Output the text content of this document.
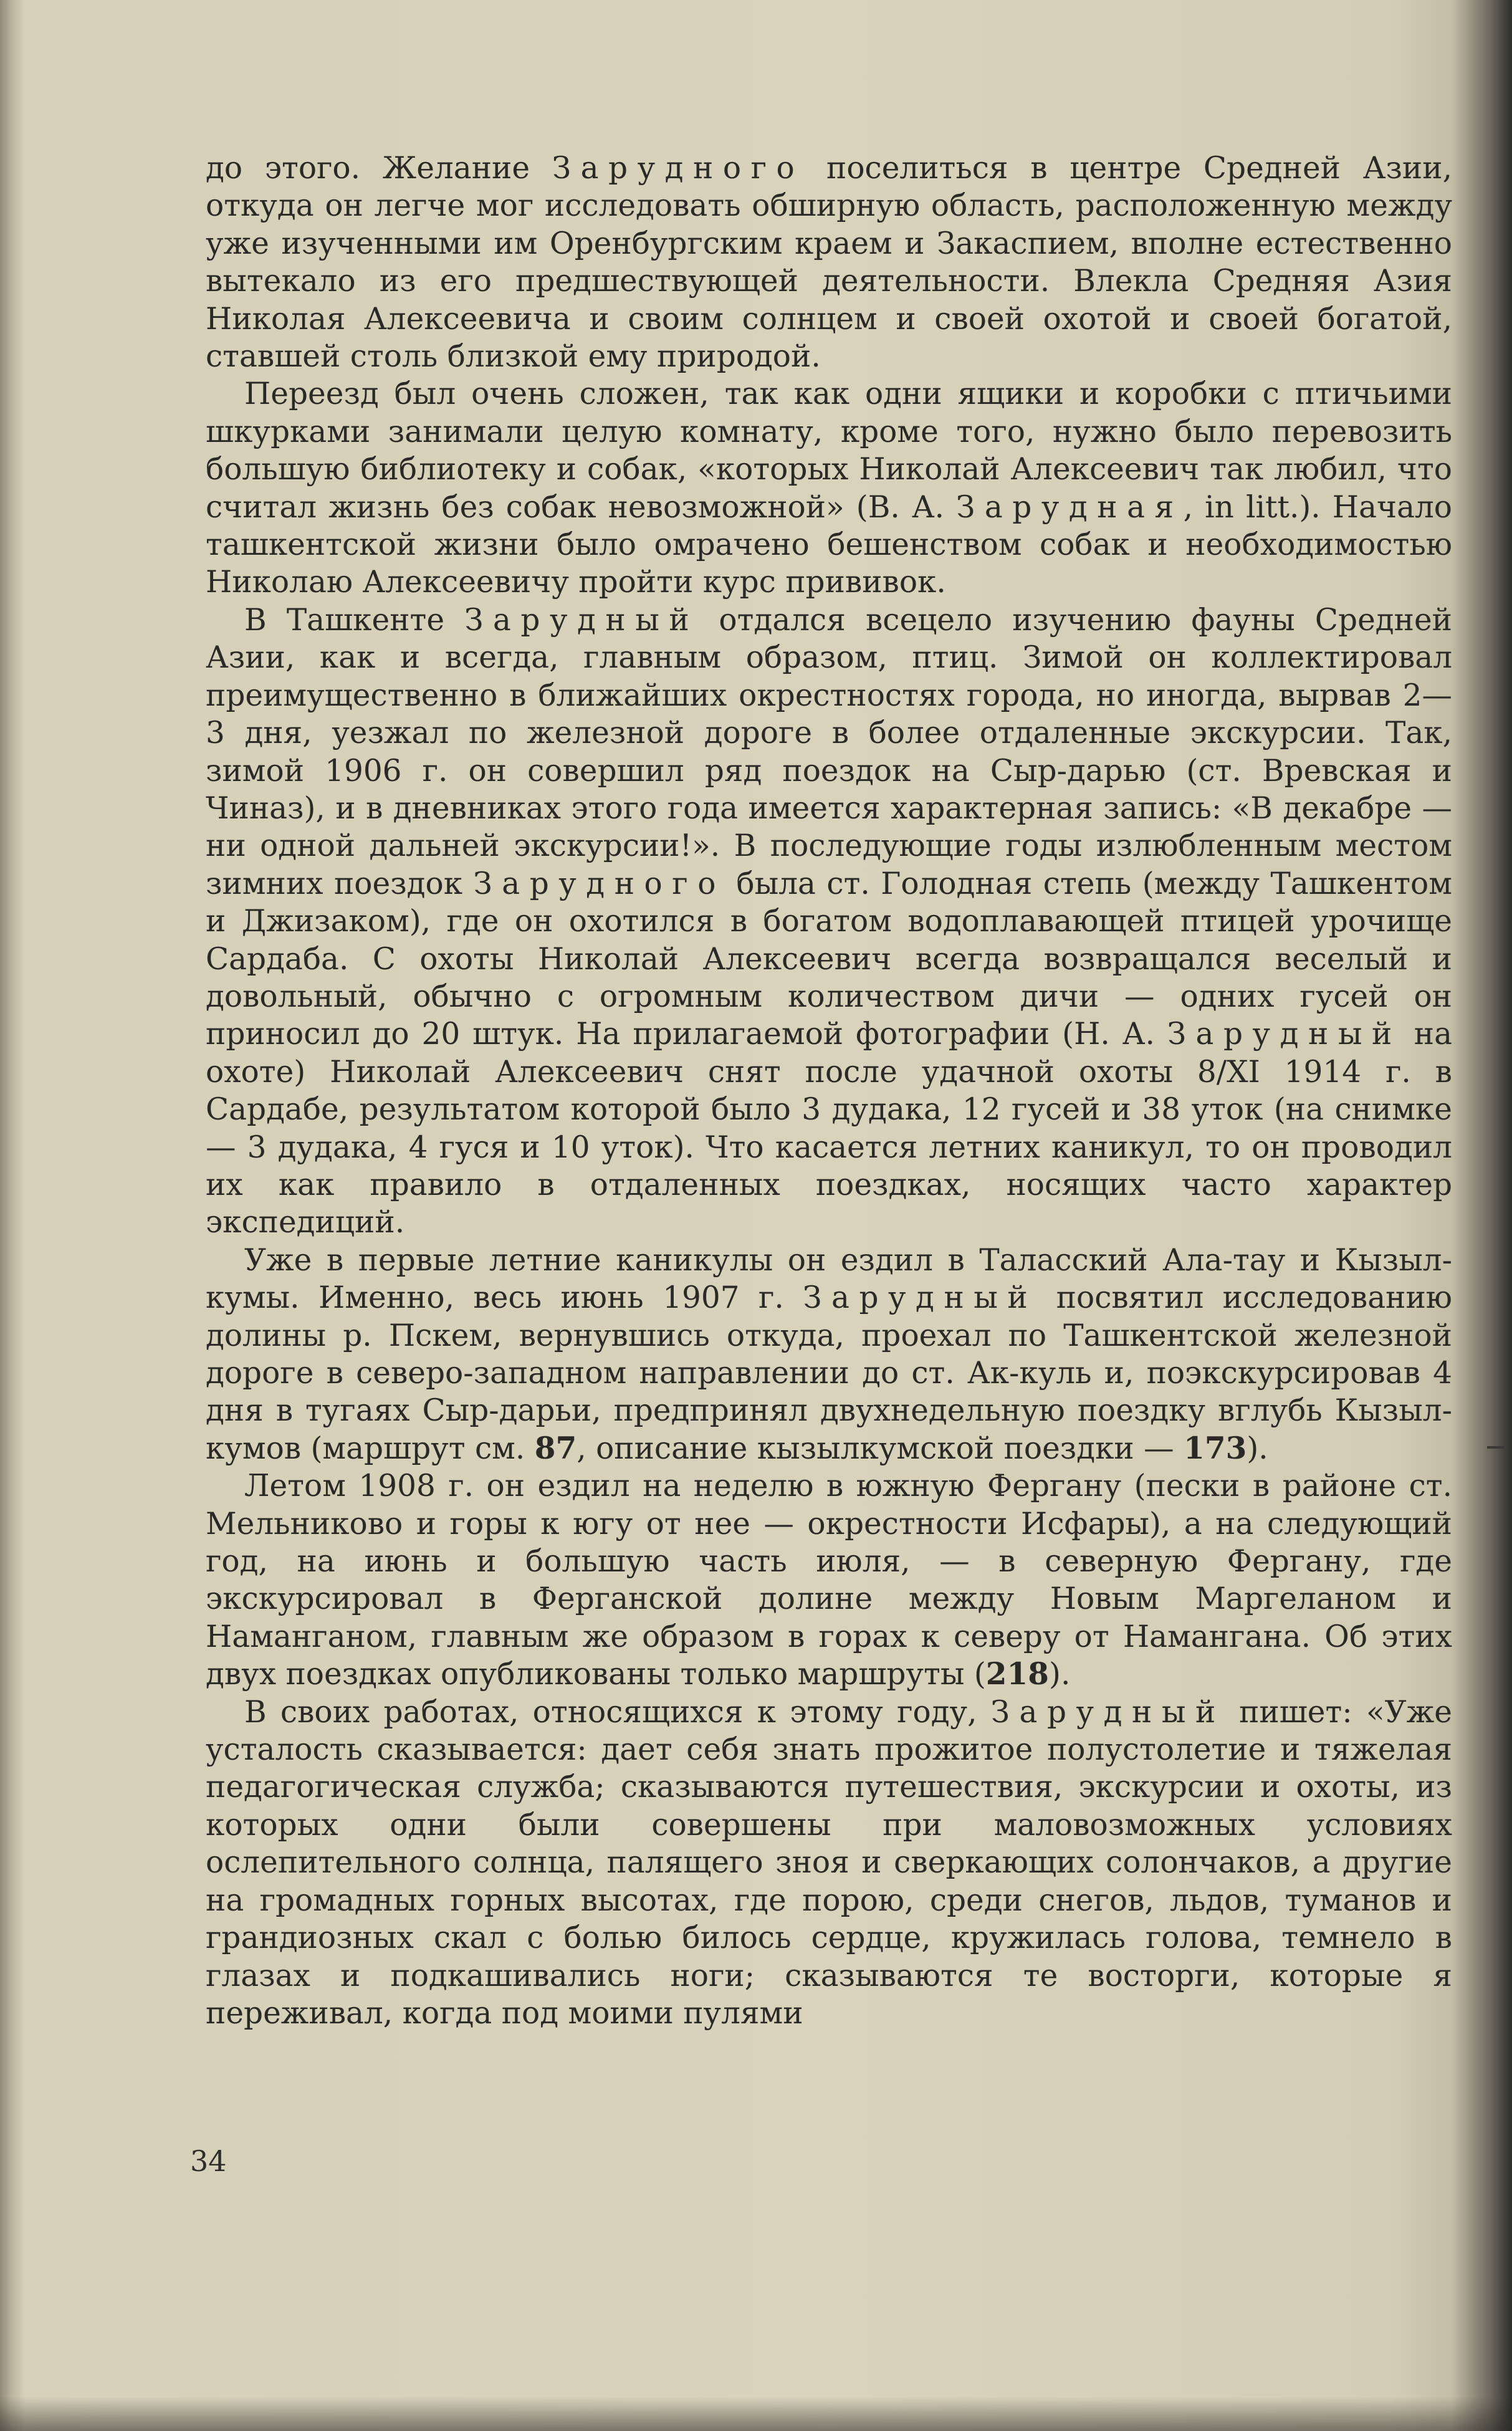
до этого. Желание Зарудного поселиться в центре Средней Азии, откуда он легче мог исследовать обширную область, расположенную между уже изученными им Оренбургским краем и Закаспием, вполне естественно вытекало из его предшествующей деятельности. Влекла Средняя Азия Николая Алексеевича и своим солнцем и своей охотой и своей богатой, ставшей столь близкой ему природой.

Переезд был очень сложен, так как одни ящики и коробки с птичьими шкурками занимали целую комнату, кроме того, нужно было перевозить большую библиотеку и собак, «которых Николай Алексеевич так любил, что считал жизнь без собак невозможной» (В. А. Зарудная, in litt.). Начало ташкентской жизни было омрачено бешенством собак и необходимостью Николаю Алексеевичу пройти курс прививок.

В Ташкенте Зарудный отдался всецело изучению фауны Средней Азии, как и всегда, главным образом, птиц. Зимой он коллектировал преимущественно в ближайших окрестностях города, но иногда, вырвав 2—3 дня, уезжал по железной дороге в более отдаленные экскурсии. Так, зимой 1906 г. он совершил ряд поездок на Сыр-дарью (ст. Вревская и Чиназ), и в дневниках этого года имеется характерная запись: «В декабре — ни одной дальней экскурсии!». В последующие годы излюбленным местом зимних поездок Зарудного была ст. Голодная степь (между Ташкентом и Джизаком), где он охотился в богатом водоплавающей птицей урочище Сардаба. С охоты Николай Алексеевич всегда возвращался веселый и довольный, обычно с огромным количеством дичи — одних гусей он приносил до 20 штук. На прилагаемой фотографии (Н. А. Зарудный на охоте) Николай Алексеевич снят после удачной охоты 8/XI 1914 г. в Сардабе, результатом которой было 3 дудака, 12 гусей и 38 уток (на снимке — 3 дудака, 4 гуся и 10 уток). Что касается летних каникул, то он проводил их как правило в отдаленных поездках, носящих часто характер экспедиций.

Уже в первые летние каникулы он ездил в Таласский Ала-тау и Кызыл-кумы. Именно, весь июнь 1907 г. Зарудный посвятил исследованию долины р. Пскем, вернувшись откуда, проехал по Ташкентской железной дороге в северо-западном направлении до ст. Ак-куль и, поэкскурсировав 4 дня в тугаях Сыр-дарьи, предпринял двухнедельную поездку вглубь Кызыл-кумов (маршрут см. 87, описание кызылкумской поездки — 173).

Летом 1908 г. он ездил на неделю в южную Фергану (пески в районе ст. Мельниково и горы к югу от нее — окрестности Исфары), а на следующий год, на июнь и большую часть июля, — в северную Фергану, где экскурсировал в Ферганской долине между Новым Маргеланом и Наманганом, главным же образом в горах к северу от Намангана. Об этих двух поездках опубликованы только маршруты (218).

В своих работах, относящихся к этому году, Зарудный пишет: «Уже усталость сказывается: дает себя знать прожитое полустолетие и тяжелая педагогическая служба; сказываются путешествия, экскурсии и охоты, из которых одни были совершены при маловозможных условиях ослепительного солнца, палящего зноя и сверкающих солончаков, а другие на громадных горных высотах, где порою, среди снегов, льдов, туманов и грандиозных скал с болью билось сердце, кружилась голова, темнело в глазах и подкашивались ноги; сказываются те восторги, которые я переживал, когда под моими пулями

34
